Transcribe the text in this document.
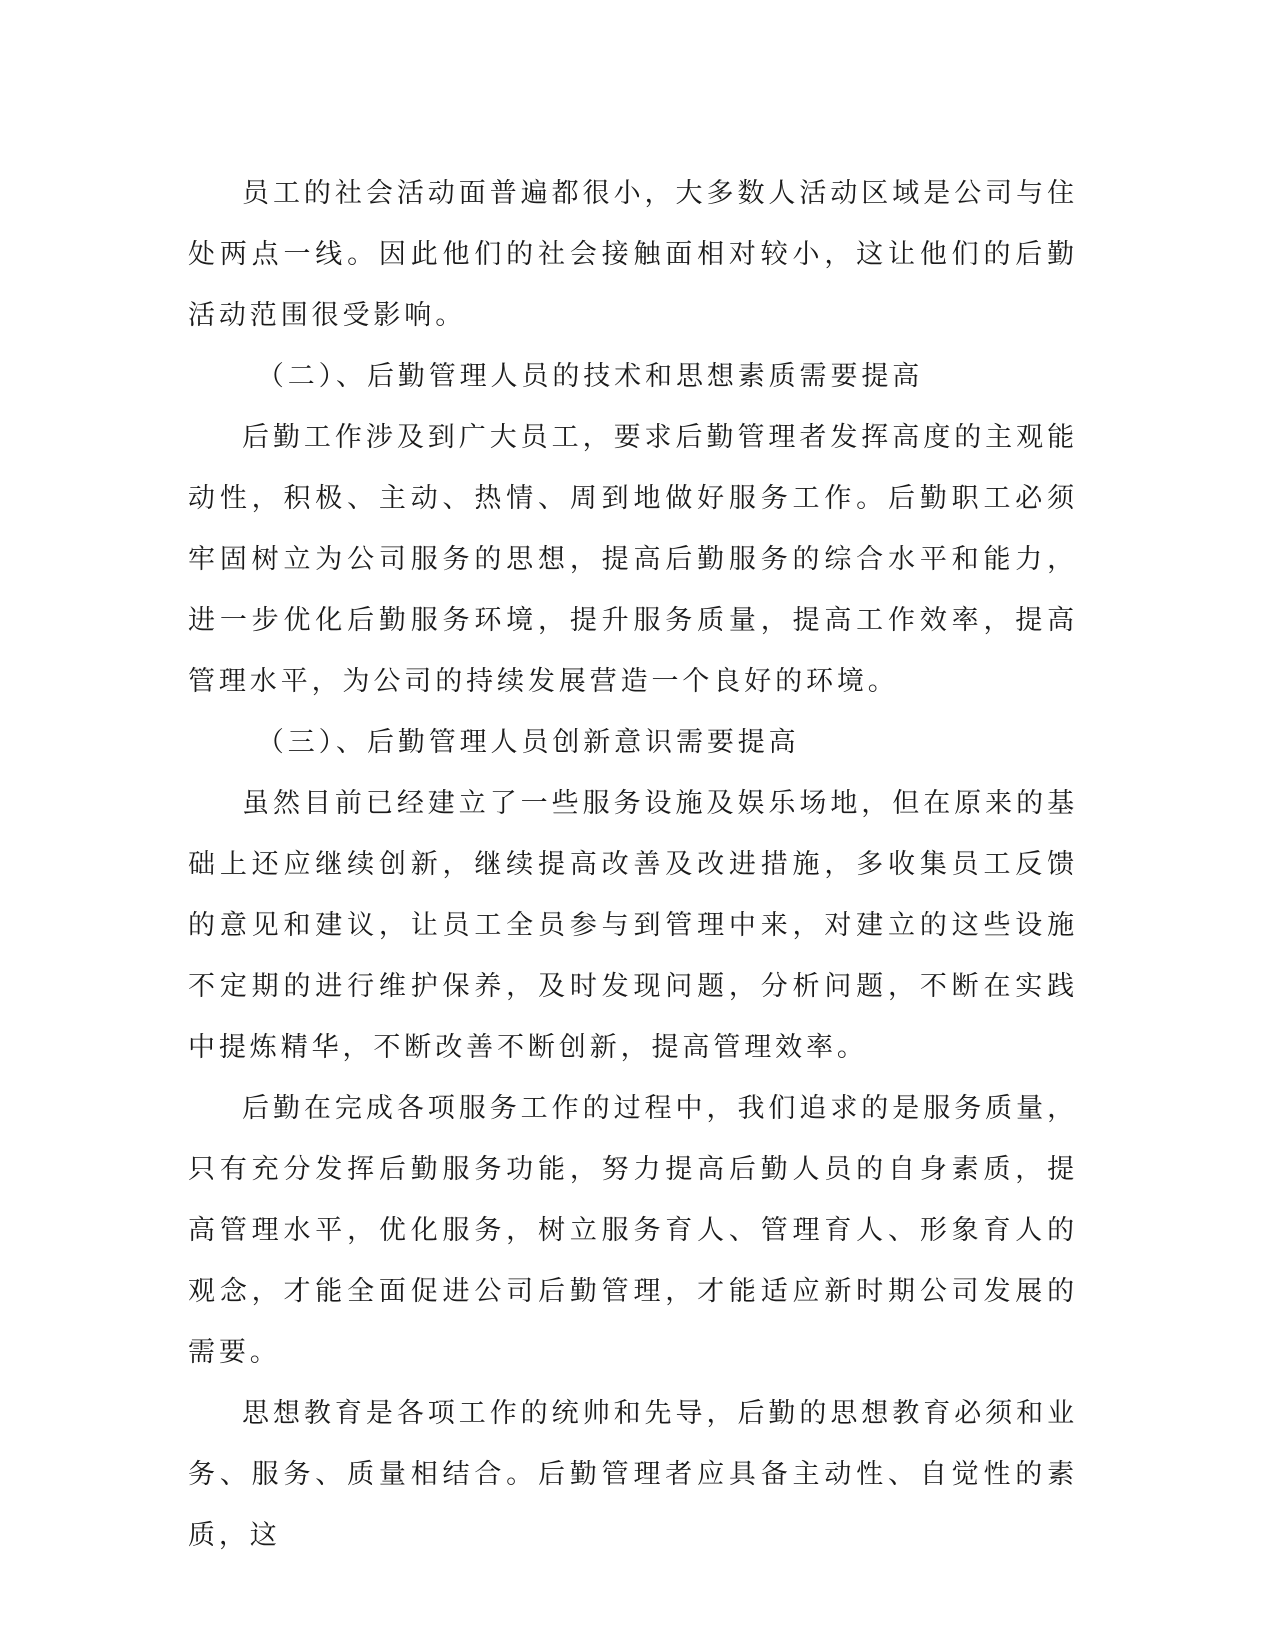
员工的社会活动面普遍都很小，大多数人活动区域是公司与住处两点一线。因此他们的社会接触面相对较小，这让他们的后勤活动范围很受影响。

（二）、后勤管理人员的技术和思想素质需要提高

后勤工作涉及到广大员工，要求后勤管理者发挥高度的主观能动性，积极、主动、热情、周到地做好服务工作。后勤职工必须牢固树立为公司服务的思想，提高后勤服务的综合水平和能力，进一步优化后勤服务环境，提升服务质量，提高工作效率，提高管理水平，为公司的持续发展营造一个良好的环境。

（三）、后勤管理人员创新意识需要提高

虽然目前已经建立了一些服务设施及娱乐场地，但在原来的基础上还应继续创新，继续提高改善及改进措施，多收集员工反馈的意见和建议，让员工全员参与到管理中来，对建立的这些设施不定期的进行维护保养，及时发现问题，分析问题，不断在实践中提炼精华，不断改善不断创新，提高管理效率。

后勤在完成各项服务工作的过程中，我们追求的是服务质量，只有充分发挥后勤服务功能，努力提高后勤人员的自身素质，提高管理水平，优化服务，树立服务育人、管理育人、形象育人的观念，才能全面促进公司后勤管理，才能适应新时期公司发展的需要。

思想教育是各项工作的统帅和先导，后勤的思想教育必须和业务、服务、质量相结合。后勤管理者应具备主动性、自觉性的素质，这
